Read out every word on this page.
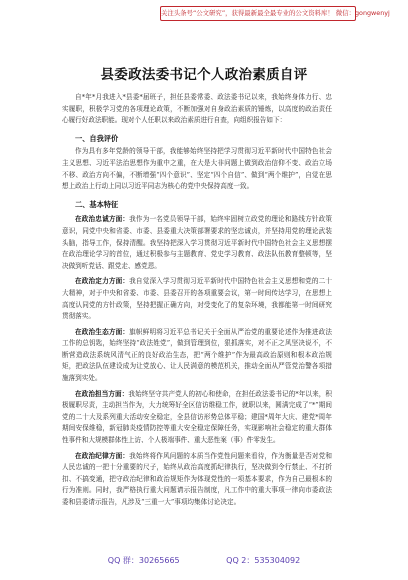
关注头条号“公文研究”，获得最新最全最专业的公文资料库！ 微信：gongwenyj
县委政法委书记个人政治素质自评

自*年*月我进入*县委*届班子，担任县委常委、政法委书记以来，我始终身体力行、忠实履职，积极学习党的各项理论政策，不断加强对自身政治素质的锤炼，以高度的政治责任心履行好政法职能。现对个人任职以来政治素质进行自查，向组织报告如下：

一、自我评价

作为具有多年党龄的领导干部，我能够始终坚持把学习贯彻习近平新时代中国特色社会主义思想、习近平法治思想作为重中之重，在大是大非问题上做到政治信仰不变、政治立场不移、政治方向不偏，不断增强“四个意识”、坚定“四个自信”、做到“两个维护”，自觉在思想上政治上行动上同以习近平同志为核心的党中央保持高度一致。

二、基本特征

在政治忠诚方面：我作为一名党员领导干部，始终牢固树立政党的理论和路线方针政策意识，同党中央和省委、市委、县委重大决策部署要求的坚忠诚贞，并坚持用党的理论武装头脑，指导工作，保持清醒。我坚持把深入学习贯彻习近平新时代中国特色社会主义思想摆在政治理论学习的首位，通过积极参与主题教育、党史学习教育、政法队伍教育整顿等，坚决做到听党话、跟党走、感党恩。

在政治定力方面：我自觉深入学习贯彻习近平新时代中国特色社会主义思想和党的二十大精神，对于中央和省委、市委、县委召开的各项重要会议，第一时间传达学习，在思想上高度认同党的方针政策，坚持把握正确方向，对受变化了的复杂环境，我都能第一时间研究贯彻落实。

在政治生态方面：旗帜鲜明将习近平总书记关于全面从严治党的重要论述作为推进政法工作的总钥匙，始终坚持“政法姓党”，做到管理到位，狠抓落实，对不正之风坚决说不，不断营造政法系统风清气正的良好政治生态，把“两个维护”作为最高政治原则和根本政治规矩，把政法队伍建设成为让党放心、让人民满意的模范机关，推动全面从严管党治警各项措施落到实处。

在政治担当方面：我始终坚守共产党人的初心和使命，在担任政法委书记的*年以来，积极履职尽责，主动担当作为，大力统筹好全区信访维稳工作，就职以来，圆满完成了“*”期间党的二十大及系列重大活动安全稳定，全县信访形势总体平稳；建国*周年大庆、建党*周年期间安保维稳，新冠肺炎疫情防控等重大安全稳定保障任务，实现影响社会稳定的重大群体性事件和大规模群体性上访、个人极端事件、重大恶性案（事）件零发生。

在政治纪律方面：我始终将作风问题的本质当作党性问题来看待，作为衡量是否对党和人民忠诚的一把十分重要的尺子，始终从政治高度抓纪律执行，坚决做到令行禁止、不打折扣、不搞变通，把守政治纪律和政治规矩作为体现党性的一项基本要求，作为自己最根本的行为准则。同时，我严格执行重大问题请示报告制度，凡工作中的重大事项一律向市委政法委和县委请示报告，凡涉及“三重一大”事项均集体讨论决定。

QQ 群：30265665	QQ 2：535304092
